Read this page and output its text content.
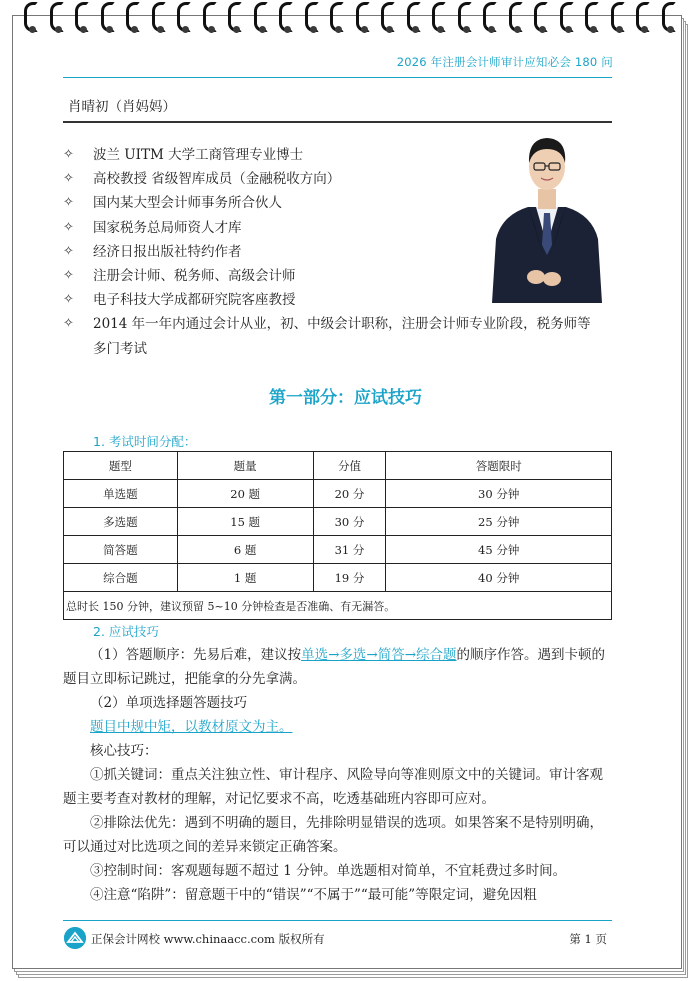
2026 年注册会计师审计应知必会 180 问
肖晴初（肖妈妈）
✧ 波兰 UITM 大学工商管理专业博士
✧ 高校教授 省级智库成员（金融税收方向）
✧ 国内某大型会计师事务所合伙人
✧ 国家税务总局师资人才库
✧ 经济日报出版社特约作者
✧ 注册会计师、税务师、高级会计师
✧ 电子科技大学成都研究院客座教授
✧ 2014 年一年内通过会计从业，初、中级会计职称，注册会计师专业阶段，税务师等多门考试
第一部分：应试技巧
1. 考试时间分配：
题型	题量	分值	答题限时
单选题	20 题	20 分	30 分钟
多选题	15 题	30 分	25 分钟
简答题	6 题	31 分	45 分钟
综合题	1 题	19 分	40 分钟
总时长 150 分钟，建议预留 5~10 分钟检查是否准确、有无漏答。			
2. 应试技巧
（1）答题顺序：先易后难，建议按单选→多选→简答→综合题的顺序作答。遇到卡顿的题目立即标记跳过，把能拿的分先拿满。
（2）单项选择题答题技巧
题目中规中矩，以教材原文为主。
核心技巧：
①抓关键词：重点关注独立性、审计程序、风险导向等准则原文中的关键词。审计客观题主要考查对教材的理解，对记忆要求不高，吃透基础班内容即可应对。
②排除法优先：遇到不明确的题目，先排除明显错误的选项。如果答案不是特别明确，可以通过对比选项之间的差异来锁定正确答案。
③控制时间：客观题每题不超过 1 分钟。单选题相对简单，不宜耗费过多时间。
④注意“陷阱”：留意题干中的“错误”“不属于”“最可能”等限定词，避免因粗
正保会计网校 www.chinaacc.com 版权所有	第 1 页
